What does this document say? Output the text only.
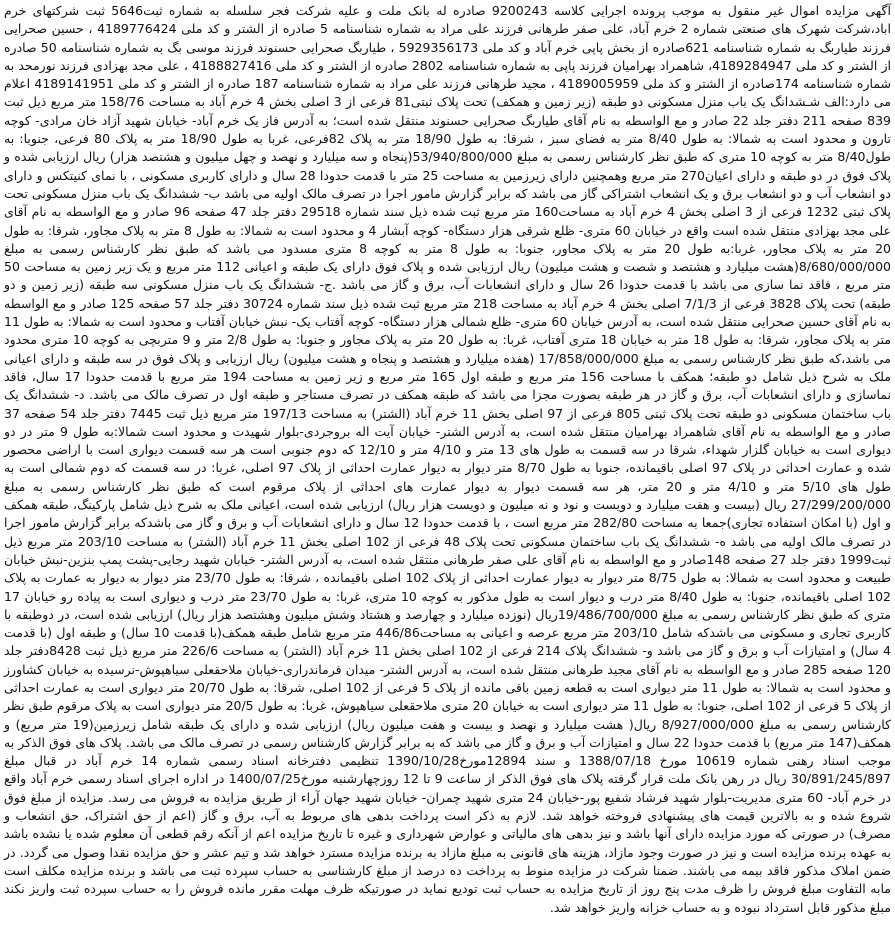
آگهی مزایده اموال غیر منقول به موجب پرونده اجرایی کلاسه 9200243 صادره له بانک ملت و علیه شرکت فجر سلسله به شماره ثبت5646 ثبت شرکتهای خرم اباد،شرکت شهرک های صنعتی شماره 2 خرم آباد، علی صفر طرهانی فرزند علی مراد به شماره شناسنامه 5 صادره از الشتر و کد ملی 4189776424 ، حسین صحرایی فرزند طیاربگ به شماره شناسنامه 621صادره از بخش پاپی خرم آباد و کد ملی 5929356173 ، طیاربگ صحرایی حسنوند فرزند موسی بگ به شماره شناسنامه 50 صادره از الشتر و کد ملی 4189284947، شاهمراد بهرامیان فرزند پاپی به شماره شناسنامه 2802 صادره از الشتر و کد ملی 4188827416 ، علی مجد بهزادی فرزند نورمحد به شماره شناسنامه 174صادره از الشتر و کد ملی 4189005959 ، مجید طرهانی فرزند علی مراد به شماره شناسنامه 187 صادره از الشتر و کد ملی 4189141951 اعلام می دارد:الف شـشدانگ یک باب منزل مسکونی دو طبقه (زیر زمین و همکف) تحت پلاک ثبتی81 فرعی از 3 اصلی بخش 4 خرم آباد به مساحت 158/76 متر مربع ذیل ثبت 839 صفحه 211 دفتر جلد 22 صادر و مع الواسطه به نام آقای طیاربگ صحرایی حسنوند منتقل شده است؛ به آدرس فاز یک خرم آباد- خیابان شهید آزاد خان مرادی- کوچه تارون و محدود است به شمالا: به طول 8/40 متر به فضای سبز ، شرقا: به طول 18/90 متر به پلاک 82فرعی، غربا به طول 18/90 متر به پلاک 80 فرعی، جنوبا: به طول8/40 متر به کوچه 10 متری که طبق نظر کارشناس رسمی به مبلغ 53/940/800/000(پنجاه و سه میلیارد و نهصد و چهل میلیون و هشتصد هزار) ریال ارزیابی شده و پلاک فوق در دو طبقه و دارای اعیان270 متر مربع وهمچنین دارای زیرزمین به مساحت 25 متر با قدمت حدودا 28 سال و دارای کاربری مسکونی ، با نمای کنیتکس و دارای دو انشعاب آب و دو انشعاب برق و یک انشعاب اشتراکی گاز می باشد که برابر گزارش مامور اجرا در تصرف مالک اولیه می باشد ب- ششدانگ یک باب منزل مسکونی تحت پلاک ثبتی 1232 فرعی از 3 اصلی بخش 4 خرم آباد به مساحت160 متر مربع ثبت شده ذیل سند شماره 29518 دفتر جلد 47 صفحه 96 صادر و مع الواسطه به نام آقای علی مجد بهزادی منتقل شده است واقع در خیابان 60 متری- ظلع شرقی هزار دستگاه- کوچه آبشار 4 و محدود است به شمالا: به طول 8 متر به پلاک مجاور، شرقا: به طول 20 متر به پلاک مجاور، غربا:به طول 20 متر به پلاک مجاور، جنوبا: به طول 8 متر به کوچه 8 متری مسدود می باشد که طبق نظر کارشناس رسمی به مبلغ 8/680/000/000(هشت میلیارد و هشتصد و شصت و هشت میلیون) ریال ارزیابی شده و پلاک فوق دارای یک طبقه و اعیانی 112 متر مربع و یک زیر زمین به مساحت 50 متر مربع ، فاقد نما سازی می باشد با قدمت حدودا 26 سال و دارای انشعابات آب، برق و گاز می باشد .ج- ششدانگ یک باب منزل مسکونی سه طبقه (زیر زمین و دو طبقه) تحت پلاک 3828 فرعی از 7/1/3 اصلی بخش 4 خرم آباد به مساحت 218 متر مربع ثبت شده ذیل سند شماره 30724 دفتر جلد 57 صفحه 125 صادر و مع الواسطه به نام آقای حسین صحرایی منتقل شده است، به آدرس خیابان 60 متری- ظلع شمالی هزار دستگاه- کوچه آفتاب یک- نبش خیابان آفتاب و محدود است به شمالا: به طول 11 متر به پلاک مجاور، شرقا: به طول 18 متر به خیابان 18 متری آفتاب، غربا: به طول 20 متر به پلاک مجاور و جنوبا: به طول 2/8 متر و 9 متربچی به کوچه 10 متری محدود می باشد،که طبق نظر کارشناس رسمی به مبلغ 17/858/000/000 (هفده میلیارد و هشتصد و پنجاه و هشت میلیون) ریال ارزیابی و پلاک فوق در سه طبقه و دارای اعیانی ملک به شرح ذیل شامل دو طبقه؛ همکف با مساحت 156 متر مربع و طبقه اول 165 متر مربع و زیر زمین به مساحت 194 متر مربع با قدمت حدودا 17 سال، فاقد نماسازی و دارای انشعابات آب، برق و گاز در هر طبقه بصورت مجزا می باشد که طبقه همکف در تصرف مستاجر و طبقه اول در تصرف مالک می باشد. د- ششدانگ یک باب ساختمان مسکونی دو طبقه تحت پلاک ثبتی 805 فرعی از 97 اصلی بخش 11 خرم آباد (الشتر) به مساحت 197/13 متر مربع ذیل ثبت 7445 دفتر جلد 54 صفحه 37 صادر و مع الواسطه به نام آقای شاهمراد بهرامیان منتقل شده است، به آدرس الشتر- خیابان آیت اله بروجردی-بلوار شهیدت و محدود است شمالا:به طول 9 متر در دو دیواری است به خیابان گلزار شهداء، شرقا در سه قسمت به طول های 13 متر و 4/10 متر و 12/10 که دوم جنوبی است هر سه قسمت دیواری است با اراضی محصور شده و عمارت احداثی در پلاک 97 اصلی باقیمانده، جنوبا به طول 8/70 متر دیوار به دیوار عمارت احداثی از پلاک 97 اصلی، غربا: در سه قسمت که دوم شمالی است به طول های 5/10 متر و 4/10 متر و 20 متر، هر سه قسمت دیوار به دیوار عمارت های احداثی از پلاک مرقوم است که طبق نظر کارشناس رسمی به مبلغ 27/299/200/000 ریال (بیست و هفت میلیارد و دویست و نود و نه میلیون و دویست هزار ریال) ارزیابی شده است، اعیانی ملک به شرح ذیل شامل پارکینگ، طبقه همکف و اول (با امکان استفاده تجاری)جمعا به مساحت 282/80 متر مربع است ، با قدمت حدودا 12 سال و دارای انشعابات آب و برق و گاز می باشدکه برابر گزارش مامور اجرا در تصرف مالک اولیه می باشد ه- ششدانگ یک باب ساختمان مسکونی تحت پلاک 48 فرعی از 102 اصلی بخش 11 خرم آباد (الشتر) به مساحت 203/10 متر مربع ذیل ثبت1999 دفتر جلد 27 صفحه 148صادر و مع الواسطه به نام آقای علی صفر طرهانی منتقل شده است، به آدرس الشتر- خیابان شهید رجایی-پشت پمپ بنزین-نبش خیابان طبیعت و محدود است به شمالا: به طول 8/75 متر دیوار به دیوار عمارت احداثی از پلاک 102 اصلی باقیمانده ، شرقا: به طول 23/70 متر دیوار به دیوار به عمارت به پلاک 102 اصلی باقیمانده، جنوبا: به طول 8/40 متر درب و دیوار است به طول مذکور به کوچه 10 متری، غربا: به طول 23/70 متر درب و دیواری است به پیاده رو خیابان 17 متری که طبق نظر کارشناس رسمی به مبلغ 19/486/700/000ریال (نوزده میلیارد و چهارصد و هشتاد وشش میلیون وهشتصد هزار ریال) ارزیابی شده است، در دوطبقه با کاربری تجاری و مسکونی می باشدکه شامل 203/10 متر مربع عرصه و اعیانی به مساحت446/86 متر مربع شامل طبقه همکف(با قدمت 10 سال) و طبقه اول (با قدمت 4 سال) و امتیازات آب و برق و گاز می باشد و- ششدانگ پلاک 214 فرعی از 102 اصلی بخش 11 خرم آباد (الشتر) به مساحت 226/6 متر مربع ذیل ثبت 8428دفتر جلد 120 صفحه 285 صادر و مع الواسطه به نام آقای مجید طرهانی منتقل شده است، به آدرس الشتر- میدان فرماندراری-خیابان ملاحقعلی سیاهپوش-نرسیده به خیابان کشاورز و محدود است به شمالا: به طول 11 متر دیواری است به قطعه زمین باقی مانده از پلاک 5 فرعی از 102 اصلی، شرقا: به طول 20/70 متر دیواری است به عمارت احداثی از پلاک 5 فرعی از 102 اصلی، جنوبا: به طول 11 متر دیواری است به خیابان 20 متری ملاحقعلی سیاهپوش، غربا: به طول 20/5 متر دیواری است به پلاک مرقوم طبق نظر کارشناس رسمی به مبلغ 8/927/000/000 ریال( هشت میلیارد و نهصد و بیست و هفت میلیون ریال) ارزیابی شده و دارای یک طبقه شامل زیرزمین(19 متر مربع) و همکف(147 متر مربع) با قدمت حدودا 22 سال و امتیازات آب و برق و گاز می باشد که به برابر گزارش کارشناس رسمی در تصرف مالک می باشد. پلاک های فوق الذکر به موجب اسناد رهنی شماره 10619 مورخ 1388/07/18 و سند 12894مورخ1390/10/28 تنظیمی دفترخانه اسناد رسمی شماره 14 خرم آباد در قبال مبلغ 30/891/245/897 ریال در رهن بانک ملت قرار گرفته پلاک های فوق الذکر از ساعت 9 تا 12 روزچهارشنبه مورخ1400/07/25 در اداره اجرای اسناد رسمی خرم آباد واقع در خرم آباد- 60 متری مدیریت-بلوار شهید فرشاد شفیع پور-خیابان 24 متری شهید چمران- خیابان شهید جهان آراء از طریق مزایده به فروش می رسد. مزایده از مبلغ فوق شروع شده و به بالاترین قیمت های پیشنهادی فروخته خواهد شد. لازم به ذکر است پرداخت بدهی های مربوط به آب، برق و گاز (اعم از حق اشتراک، حق انشعاب و مصرف) در صورتی که مورد مزایده دارای آنها باشد و نیز بدهی های مالیاتی و عوارض شهرداری و غیره تا تاریخ مزایده اعم از آنکه رقم قطعی آن معلوم شده یا نشده باشد به عهده برنده مزایده است و نیز در صورت وجود مازاد، هزینه های قانونی به مبلغ مازاد به برنده مزایده مسترد خواهد شد و تیم عشر و حق مزایده نقدا وصول می گردد. در ضمن املاک مذکور فاقد بیمه می باشند. ضمنا شرکت در مزایده منوط به پرداخت ده درصد از مبلغ کارشناسی به حساب سپرده ثبت می باشد و برنده مزایده مکلف است مابه التفاوت مبلغ فروش را ظرف مدت پنج روز از تاریخ مزایده به حساب ثبت تودیع نماید در صورتیکه ظرف مهلت مقرر مانده فروش را به حساب سپرده ثبت واریز نکند مبلغ مذکور قابل استرداد نبوده و به حساب خزانه واریز خواهد شد.
